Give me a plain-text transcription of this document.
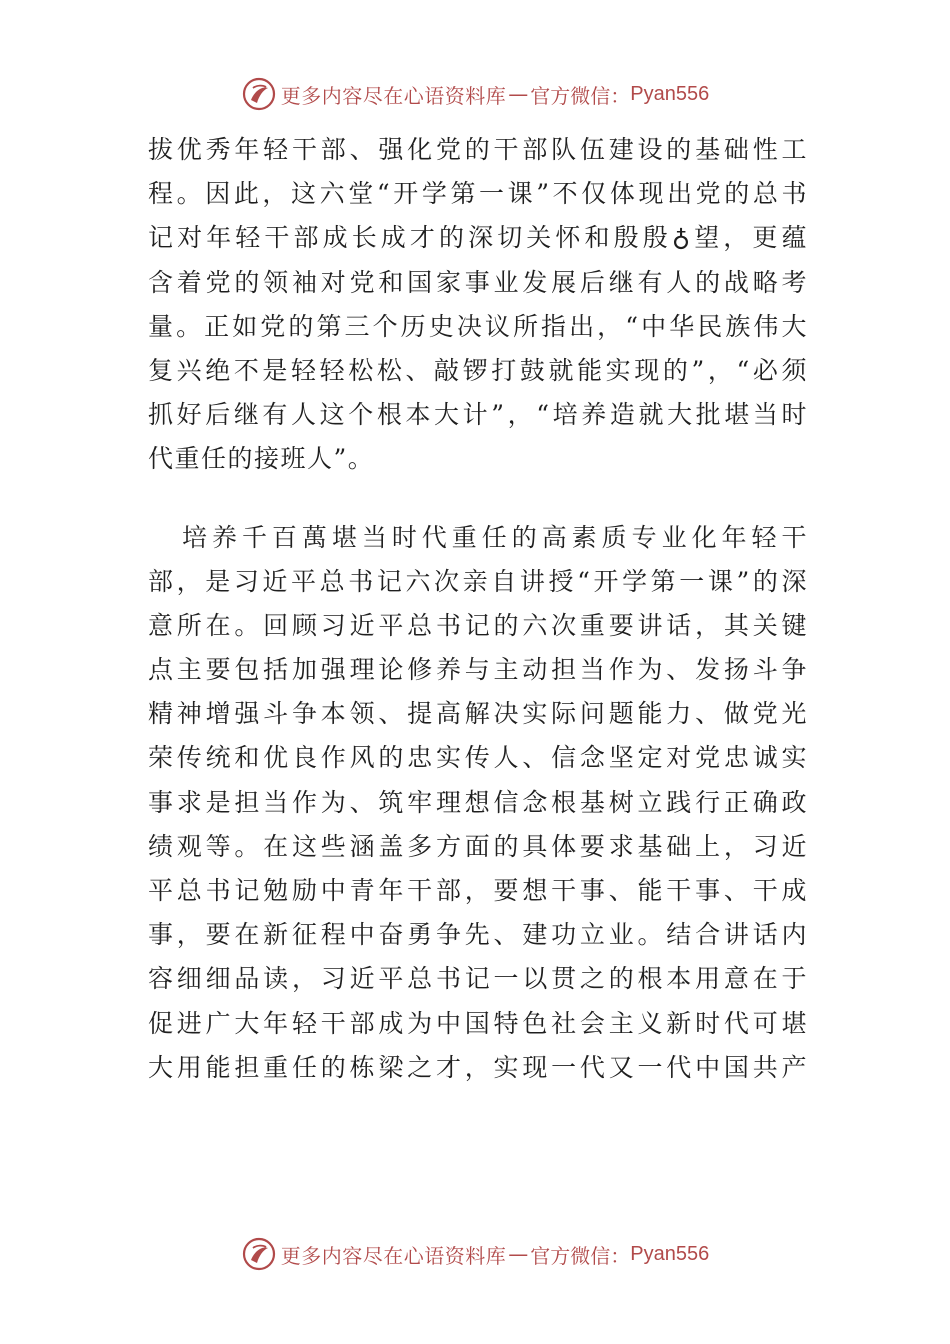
更多内容尽在心语资料库 — 官方微信： Pyan556
拔优秀年轻干部、强化党的干部队伍建设的基础性工
程。因此，这六堂“开学第一课”不仅体现出党的总书
记对年轻干部成长成才的深切关怀和殷殷♁望，更蕴
含着党的领袖对党和国家事业发展后继有人的战略考
量。正如党的第三个历史决议所指出，“中华民族伟大
复兴绝不是轻轻松松、敲锣打鼓就能实现的”，“必须
抓好后继有人这个根本大计”，“培养造就大批堪当时
代重任的接班人”。
培养千百萬堪当时代重任的高素质专业化年轻干
部，是习近平总书记六次亲自讲授“开学第一课”的深
意所在。回顾习近平总书记的六次重要讲话，其关键
点主要包括加强理论修养与主动担当作为、发扬斗争
精神增强斗争本领、提高解决实际问题能力、做党光
荣传统和优良作风的忠实传人、信念坚定对党忠诚实
事求是担当作为、筑牢理想信念根基树立践行正确政
绩观等。在这些涵盖多方面的具体要求基础上，习近
平总书记勉励中青年干部，要想干事、能干事、干成
事，要在新征程中奋勇争先、建功立业。结合讲话内
容细细品读，习近平总书记一以贯之的根本用意在于
促进广大年轻干部成为中国特色社会主义新时代可堪
大用能担重任的栋梁之才，实现一代又一代中国共产
更多内容尽在心语资料库 — 官方微信： Pyan556
